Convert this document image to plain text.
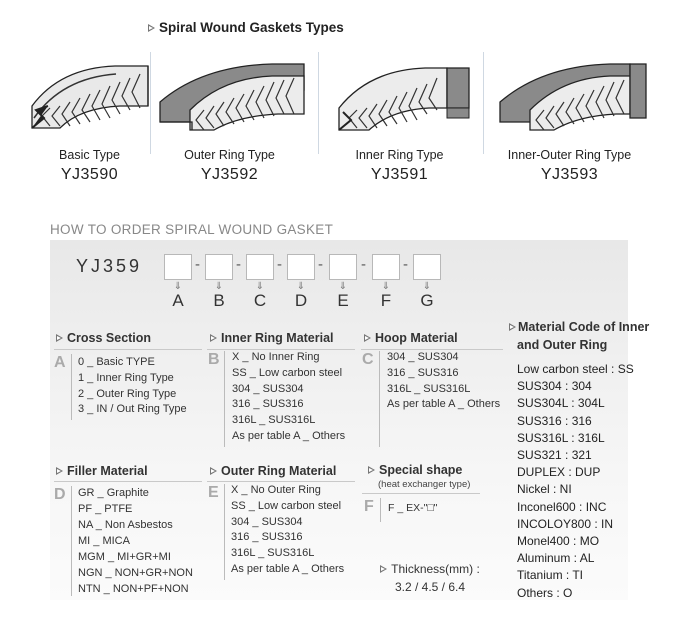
Spiral Wound Gaskets Types
Basic Type
YJ3590
Outer Ring Type
YJ3592
Inner Ring Type
YJ3591
Inner-Outer Ring Type
YJ3593
HOW TO ORDER SPIRAL WOUND GASKET
YJ359	- - - -	- -
⇓	⇓	⇓	⇓	⇓	⇓	⇓
A B C D E F G
Cross Section
A 0 _ Basic TYPE
1 _ Inner Ring Type
2 _ Outer Ring Type
3 _ IN / Out Ring Type
Inner Ring Material
B X _ No Inner Ring
SS _ Low carbon steel
304 _ SUS304
316 _ SUS316
316L _ SUS316L
As per table A _ Others
Hoop Material
C 304 _ SUS304
316 _ SUS316
316L _ SUS316L
As per table A _ Others
Filler Material
D GR _ Graphite
PF _ PTFE
NA _ Non Asbestos
MI _ MICA
MGM _ MI+GR+MI
NGN _ NON+GR+NON
NTN _ NON+PF+NON
Outer Ring Material
E X _ No Outer Ring
SS _ Low carbon steel
304 _ SUS304
316 _ SUS316
316L _ SUS316L
As per table A _ Others
Special shape
(heat exchanger type)
F F _ EX-"□"
Thickness(mm) :
3.2 / 4.5 / 6.4
Material Code of Inner
and Outer Ring
Low carbon steel : SS
SUS304 : 304
SUS304L : 304L
SUS316 : 316
SUS316L : 316L
SUS321 : 321
DUPLEX : DUP
Nickel : NI
Inconel600 : INC
INCOLOY800 : IN
Monel400 : MO
Aluminum : AL
Titanium : TI
Others : O
